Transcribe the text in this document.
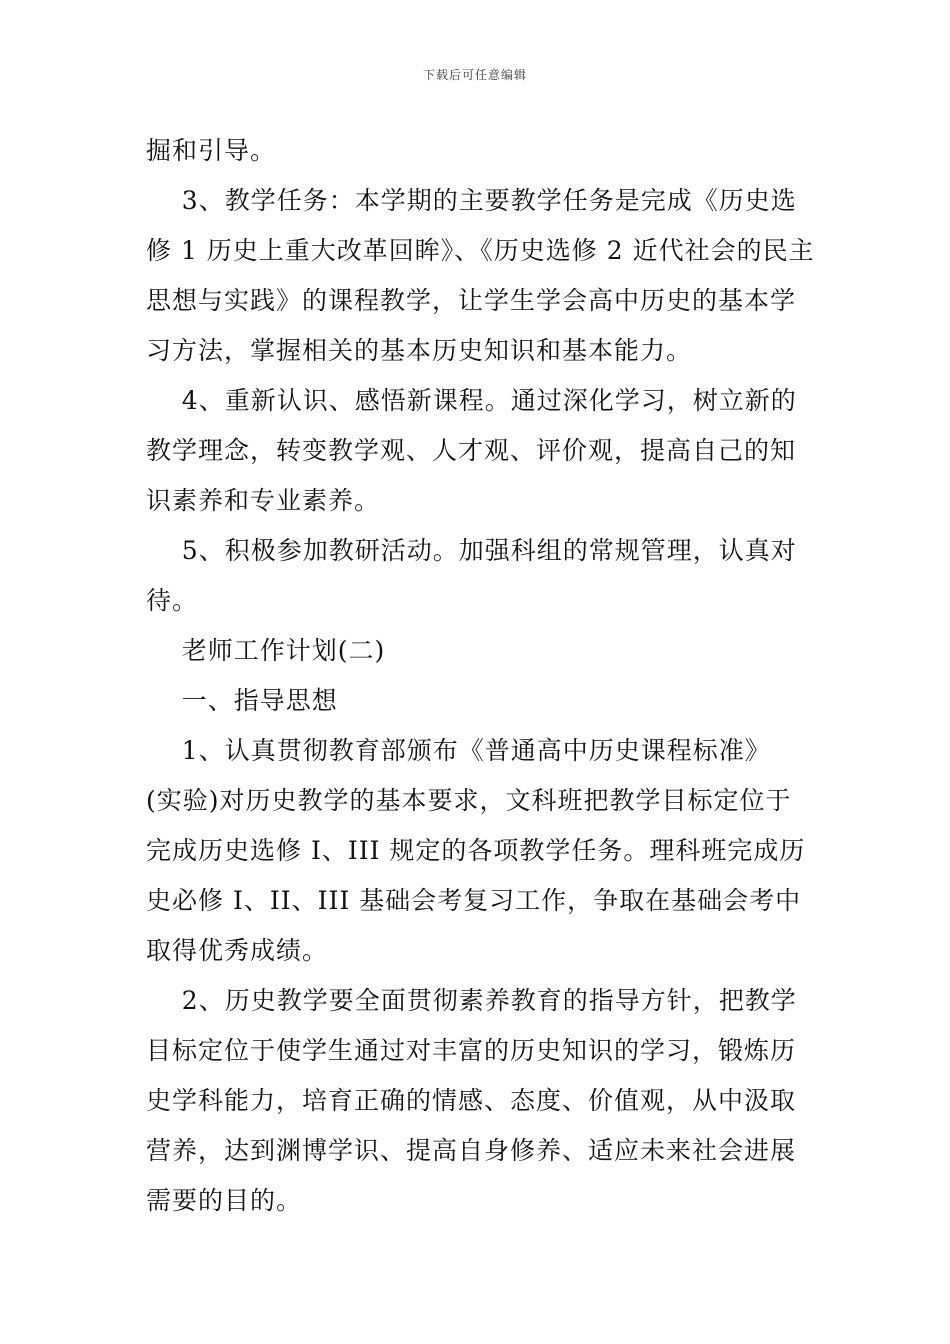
下载后可任意编辑
掘和引导。
3、教学任务：本学期的主要教学任务是完成《历史选
修 1 历史上重大改革回眸》、《历史选修 2 近代社会的民主
思想与实践》的课程教学，让学生学会高中历史的基本学
习方法，掌握相关的基本历史知识和基本能力。
4、重新认识、感悟新课程。通过深化学习，树立新的
教学理念，转变教学观、人才观、评价观，提高自己的知
识素养和专业素养。
5、积极参加教研活动。加强科组的常规管理，认真对
待。
老师工作计划(二)
一、指导思想
1、认真贯彻教育部颁布《普通高中历史课程标准》
(实验)对历史教学的基本要求，文科班把教学目标定位于
完成历史选修 I、III 规定的各项教学任务。理科班完成历
史必修 I、II、III 基础会考复习工作，争取在基础会考中
取得优秀成绩。
2、历史教学要全面贯彻素养教育的指导方针，把教学
目标定位于使学生通过对丰富的历史知识的学习，锻炼历
史学科能力，培育正确的情感、态度、价值观，从中汲取
营养，达到渊博学识、提高自身修养、适应未来社会进展
需要的目的。
